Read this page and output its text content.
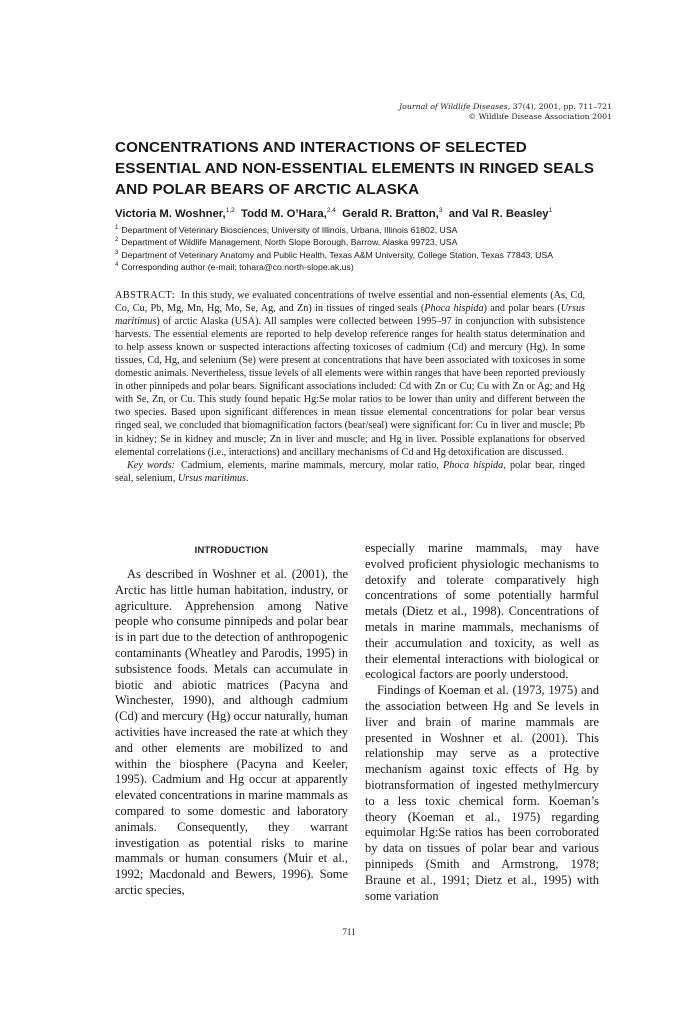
Journal of Wildlife Diseases, 37(4), 2001, pp. 711–721
© Wildlife Disease Association 2001
CONCENTRATIONS AND INTERACTIONS OF SELECTED ESSENTIAL AND NON-ESSENTIAL ELEMENTS IN RINGED SEALS AND POLAR BEARS OF ARCTIC ALASKA
Victoria M. Woshner,$^{1,2}$ Todd M. O’Hara,$^{2,4}$ Gerald R. Bratton,$^3$ and Val R. Beasley$^1$
$^1$ Department of Veterinary Biosciences, University of Illinois, Urbana, Illinois 61802, USA
$^2$ Department of Wildlife Management, North Slope Borough, Barrow, Alaska 99723, USA
$^3$ Department of Veterinary Anatomy and Public Health, Texas A&M University, College Station, Texas 77843, USA
$^4$ Corresponding author (e-mail: tohara@co.north-slope.ak.us)
ABSTRACT: In this study, we evaluated concentrations of twelve essential and non-essential elements (As, Cd, Co, Cu, Pb, Mg, Mn, Hg, Mo, Se, Ag, and Zn) in tissues of ringed seals (Phoca hispida) and polar bears (Ursus maritimus) of arctic Alaska (USA). All samples were collected between 1995–97 in conjunction with subsistence harvests. The essential elements are reported to help develop reference ranges for health status determination and to help assess known or suspected interactions affecting toxicoses of cadmium (Cd) and mercury (Hg). In some tissues, Cd, Hg, and selenium (Se) were present at concentrations that have been associated with toxicoses in some domestic animals. Nevertheless, tissue levels of all elements were within ranges that have been reported previously in other pinnipeds and polar bears. Significant associations included: Cd with Zn or Cu; Cu with Zn or Ag; and Hg with Se, Zn, or Cu. This study found hepatic Hg:Se molar ratios to be lower than unity and different between the two species. Based upon significant differences in mean tissue elemental concentrations for polar bear versus ringed seal, we concluded that biomagnification factors (bear/seal) were significant for: Cu in liver and muscle; Pb in kidney; Se in kidney and muscle; Zn in liver and muscle; and Hg in liver. Possible explanations for observed elemental correlations (i.e., interactions) and ancillary mechanisms of Cd and Hg detoxification are discussed.
Key words: Cadmium, elements, marine mammals, mercury, molar ratio, Phoca hispida, polar bear, ringed seal, selenium, Ursus maritimus.
INTRODUCTION

As described in Woshner et al. (2001), the Arctic has little human habitation, industry, or agriculture. Apprehension among Native people who consume pinnipeds and polar bear is in part due to the detection of anthropogenic contaminants (Wheatley and Parodis, 1995) in subsistence foods. Metals can accumulate in biotic and abiotic matrices (Pacyna and Winchester, 1990), and although cadmium (Cd) and mercury (Hg) occur naturally, human activities have increased the rate at which they and other elements are mobilized to and within the biosphere (Pacyna and Keeler, 1995). Cadmium and Hg occur at apparently elevated concentrations in marine mammals as compared to some domestic and laboratory animals. Consequently, they warrant investigation as potential risks to marine mammals or human consumers (Muir et al., 1992; Macdonald and Bewers, 1996). Some arctic species,

especially marine mammals, may have evolved proficient physiologic mechanisms to detoxify and tolerate comparatively high concentrations of some potentially harmful metals (Dietz et al., 1998). Concentrations of metals in marine mammals, mechanisms of their accumulation and toxicity, as well as their elemental interactions with biological or ecological factors are poorly understood.

Findings of Koeman et al. (1973, 1975) and the association between Hg and Se levels in liver and brain of marine mammals are presented in Woshner et al. (2001). This relationship may serve as a protective mechanism against toxic effects of Hg by biotransformation of ingested methylmercury to a less toxic chemical form. Koeman’s theory (Koeman et al., 1975) regarding equimolar Hg:Se ratios has been corroborated by data on tissues of polar bear and various pinnipeds (Smith and Armstrong, 1978; Braune et al., 1991; Dietz et al., 1995) with some variation

711
